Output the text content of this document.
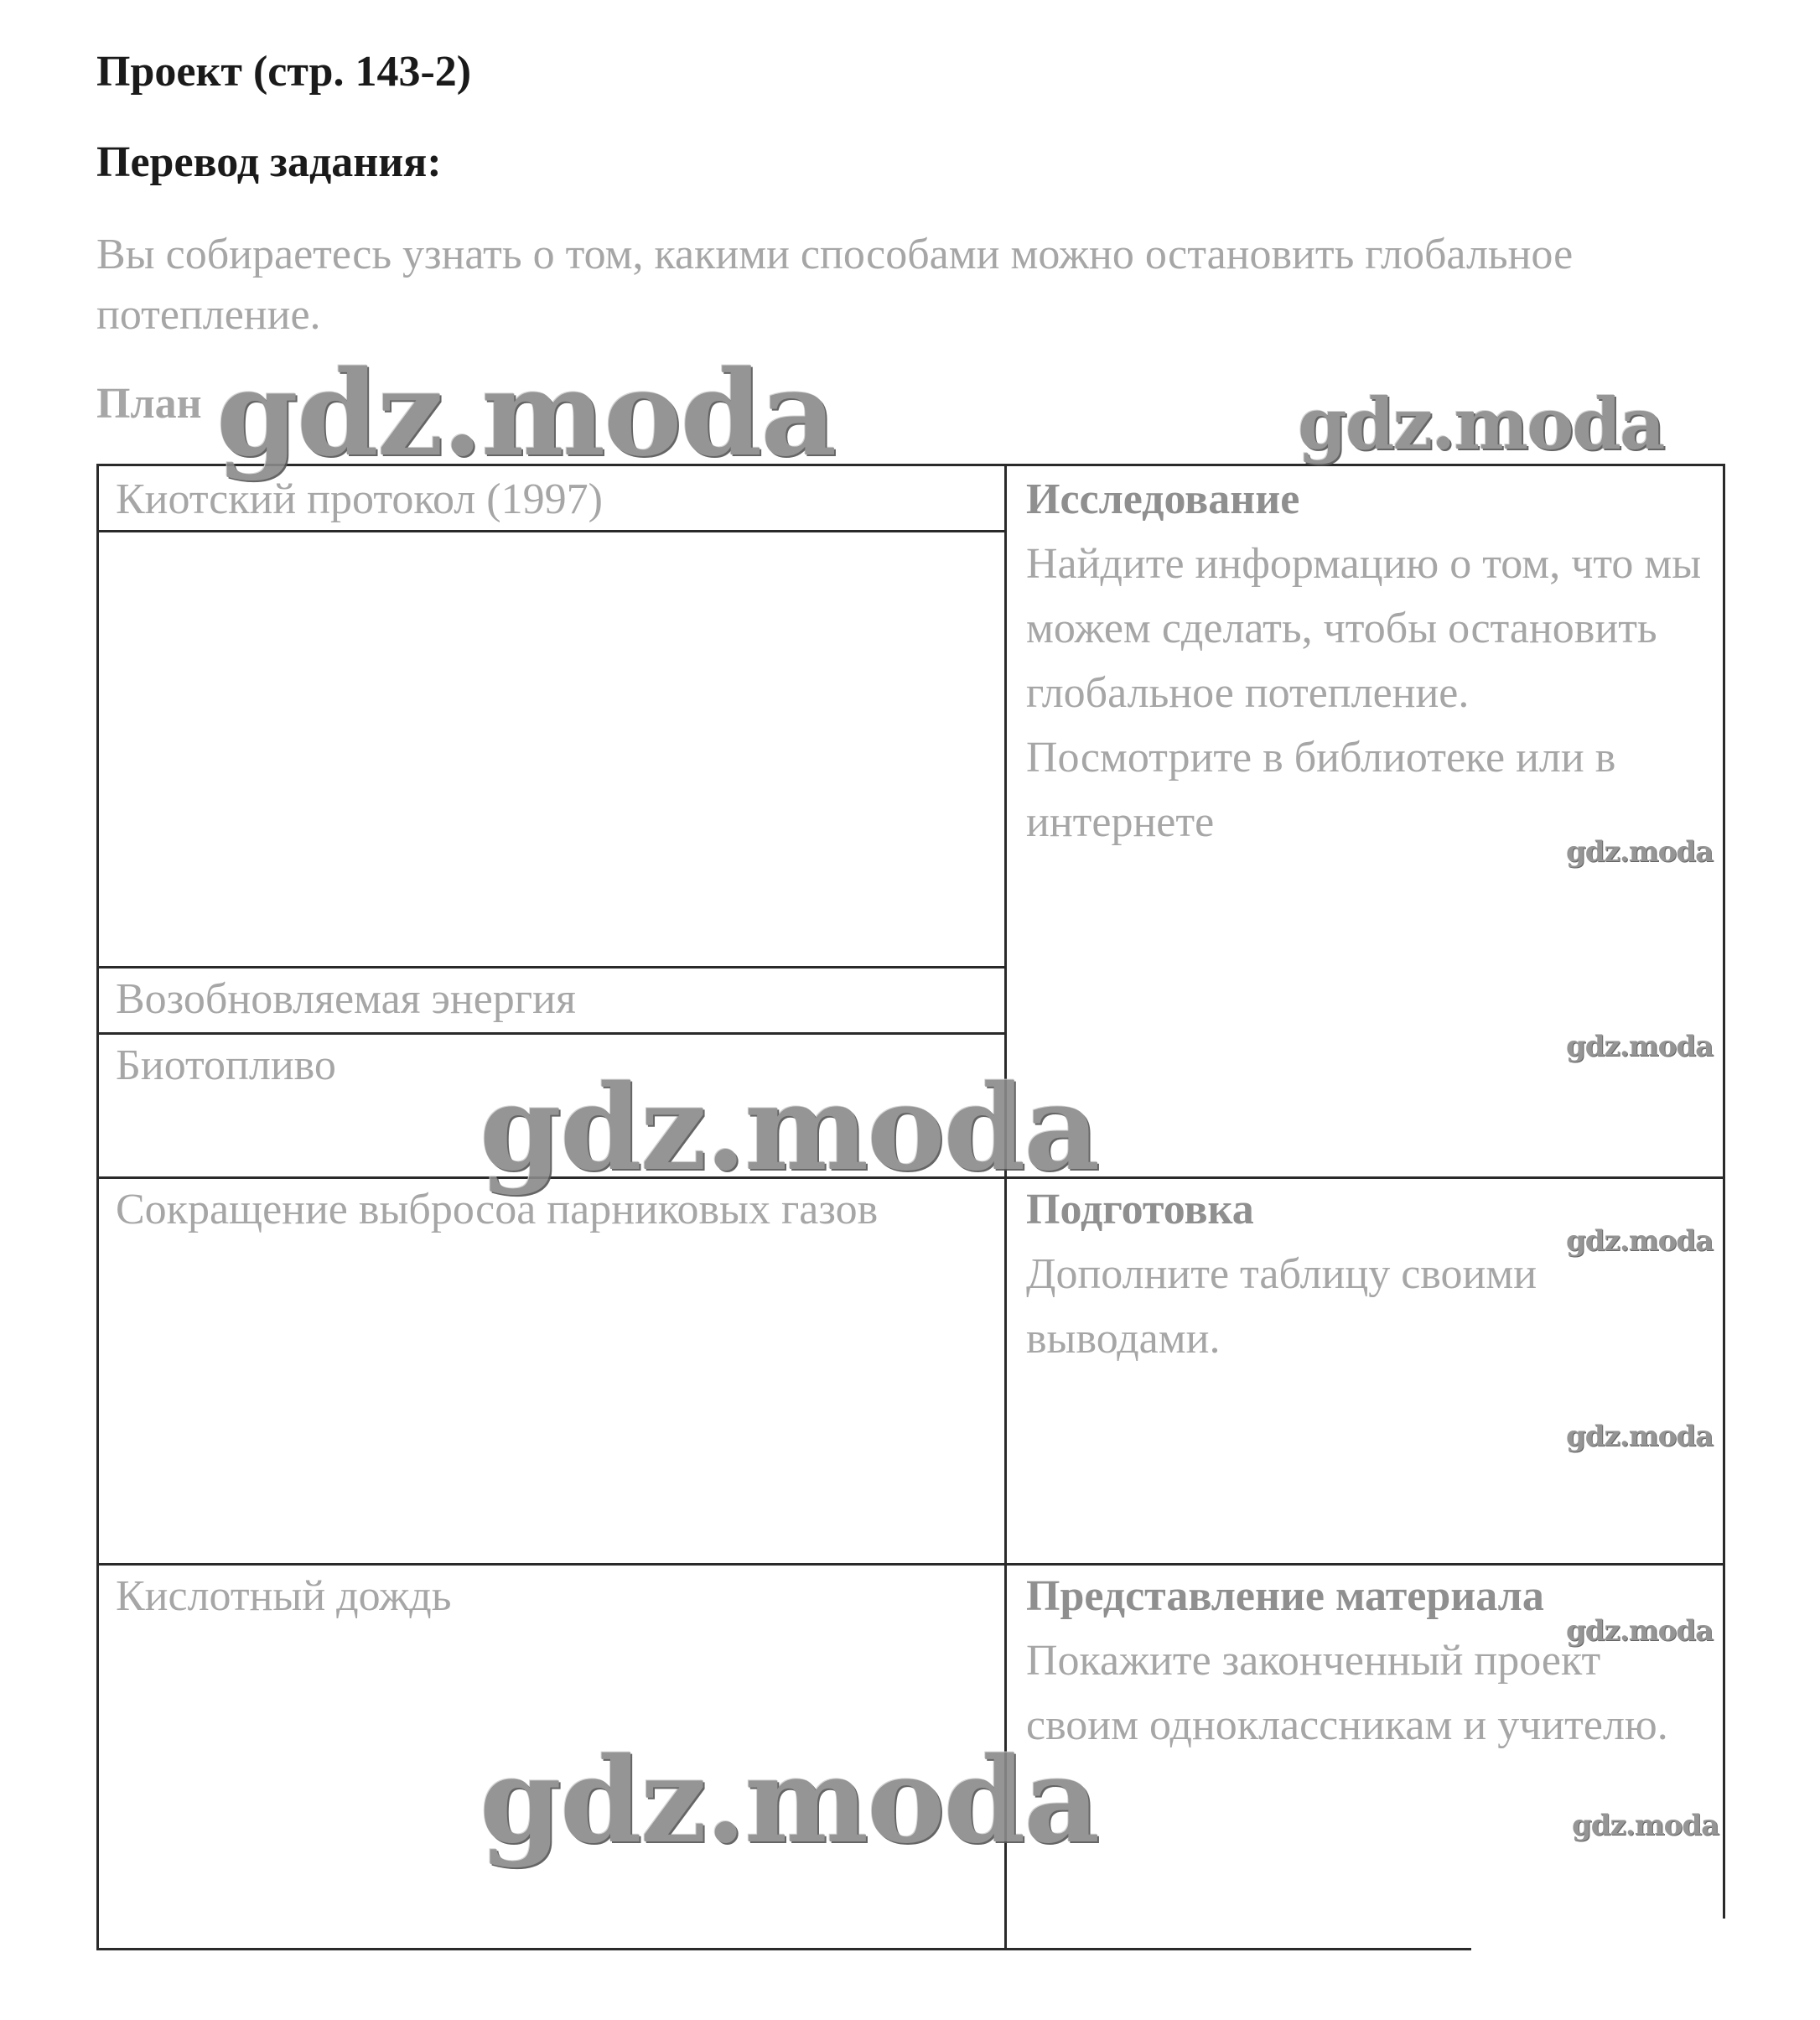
Проект (стр. 143-2)
Перевод задания:
Вы собираетесь узнать о том, какими способами можно остановить глобальное потепление.
План
Киотский протокол (1997)
Возобновляемая энергия
Биотопливо
Сокращение выбросоа парниковых газов
Кислотный дождь
Исследование
Найдите информацию о том, что мы можем сделать, чтобы остановить глобальное потепление. Посмотрите в библиотеке или в интернете
Подготовка
Дополните таблицу своими выводами.
Представление материала
Покажите законченный проект своим одноклассникам и учителю.
gdz.moda	gdz.moda
gdz.moda
gdz.moda
gdz.moda
gdz.moda
gdz.moda
gdz.moda
gdz.moda	gdz.moda
